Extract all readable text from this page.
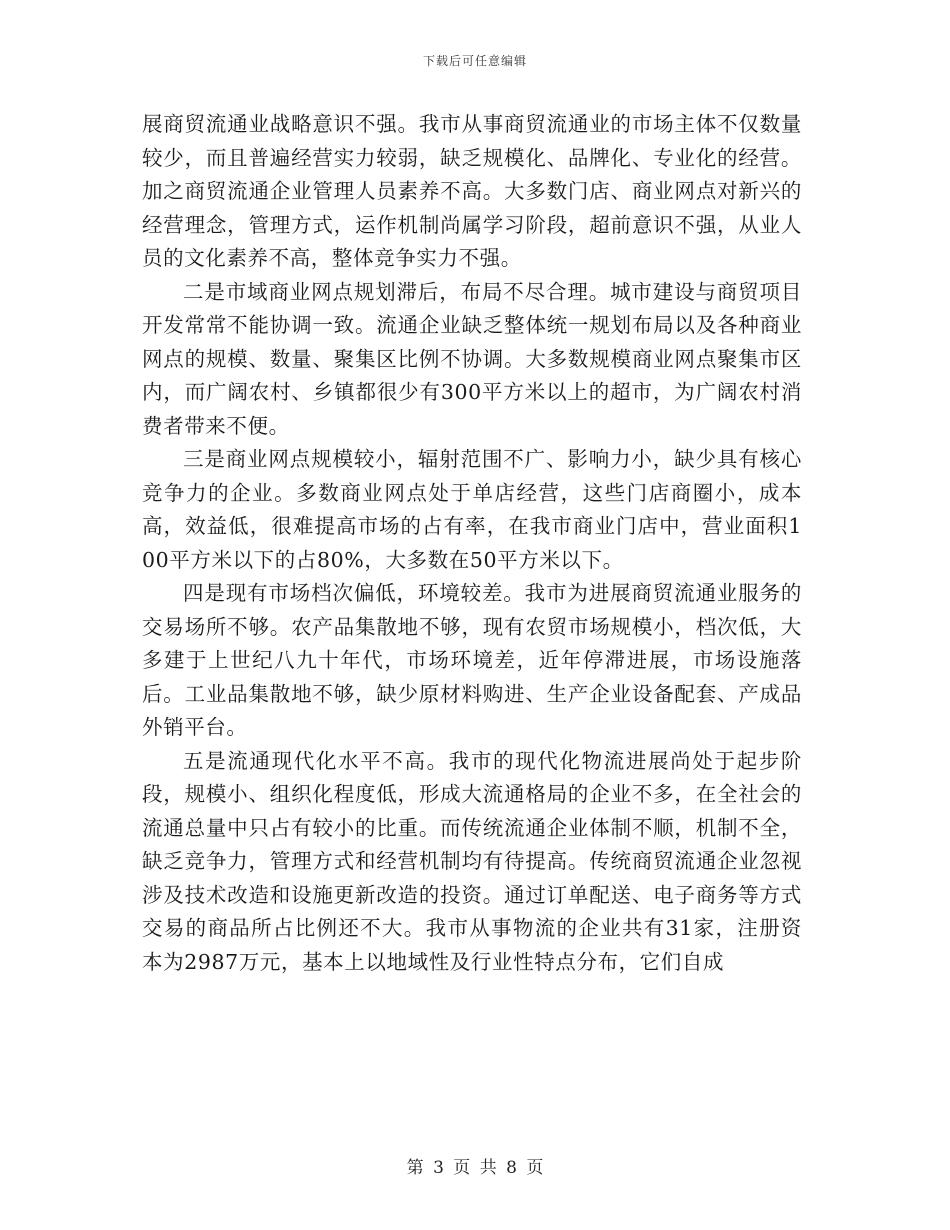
下载后可任意编辑

展商贸流通业战略意识不强。我市从事商贸流通业的市场主体不仅数量较少，而且普遍经营实力较弱，缺乏规模化、品牌化、专业化的经营。加之商贸流通企业管理人员素养不高。大多数门店、商业网点对新兴的经营理念，管理方式，运作机制尚属学习阶段，超前意识不强，从业人员的文化素养不高，整体竞争实力不强。

二是市域商业网点规划滞后，布局不尽合理。城市建设与商贸项目开发常常不能协调一致。流通企业缺乏整体统一规划布局以及各种商业网点的规模、数量、聚集区比例不协调。大多数规模商业网点聚集市区内，而广阔农村、乡镇都很少有300平方米以上的超市，为广阔农村消费者带来不便。

三是商业网点规模较小，辐射范围不广、影响力小，缺少具有核心竞争力的企业。多数商业网点处于单店经营，这些门店商圈小，成本高，效益低，很难提高市场的占有率，在我市商业门店中，营业面积100平方米以下的占80%，大多数在50平方米以下。

四是现有市场档次偏低，环境较差。我市为进展商贸流通业服务的交易场所不够。农产品集散地不够，现有农贸市场规模小，档次低，大多建于上世纪八九十年代，市场环境差，近年停滞进展，市场设施落后。工业品集散地不够，缺少原材料购进、生产企业设备配套、产成品外销平台。

五是流通现代化水平不高。我市的现代化物流进展尚处于起步阶段，规模小、组织化程度低，形成大流通格局的企业不多，在全社会的流通总量中只占有较小的比重。而传统流通企业体制不顺，机制不全，缺乏竞争力，管理方式和经营机制均有待提高。传统商贸流通企业忽视涉及技术改造和设施更新改造的投资。通过订单配送、电子商务等方式交易的商品所占比例还不大。我市从事物流的企业共有31家，注册资本为2987万元，基本上以地域性及行业性特点分布，它们自成

第 3 页 共 8 页
